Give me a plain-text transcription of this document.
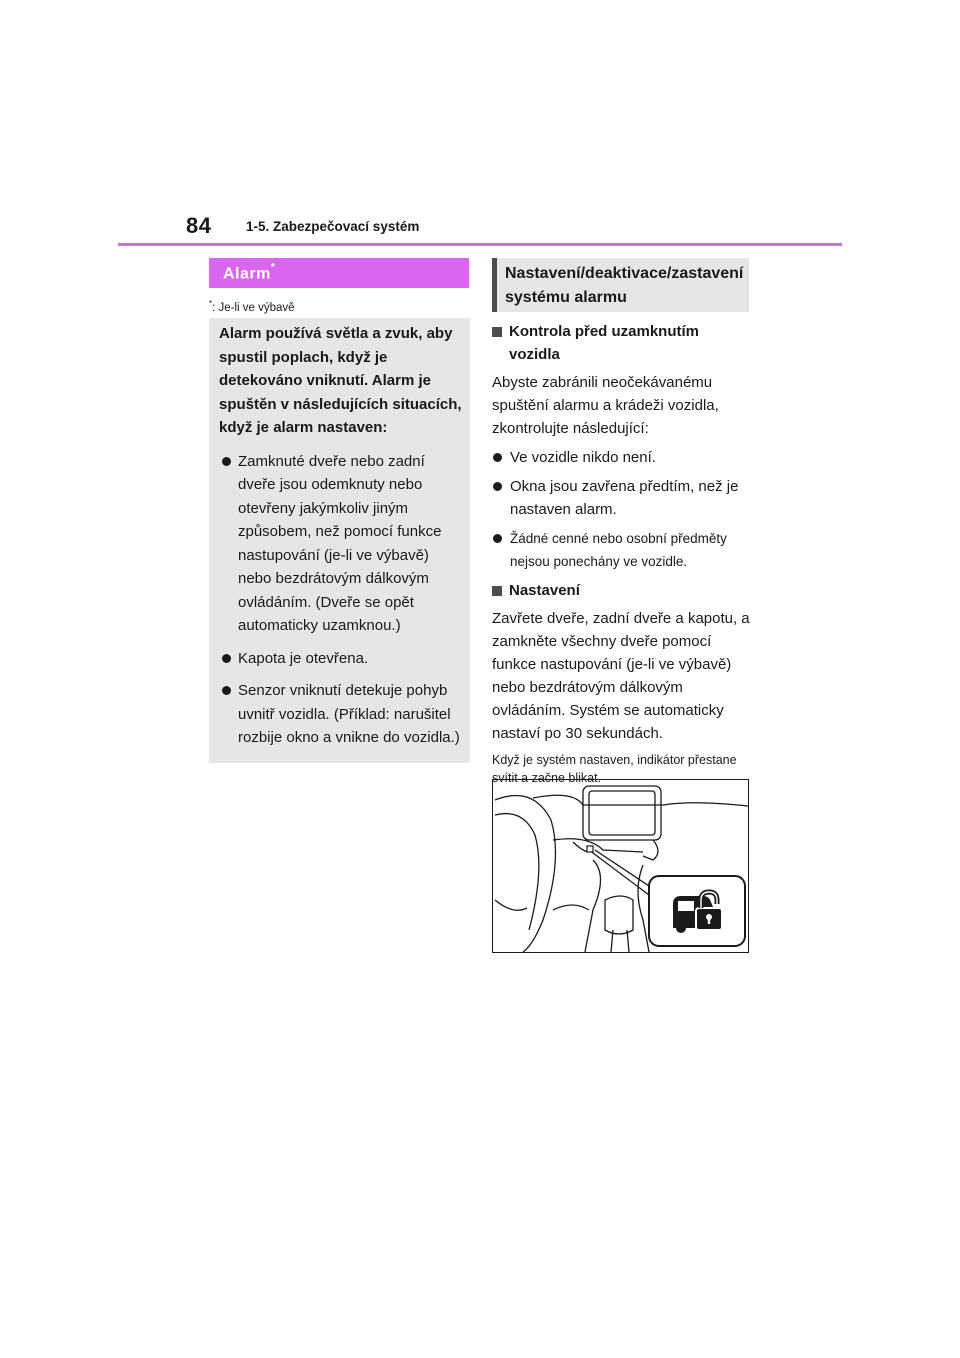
84	1-5. Zabezpečovací systém
Alarm*
*: Je-li ve výbavě

Alarm používá světla a zvuk, aby spustil poplach, když je detekováno vniknutí. Alarm je spuštěn v následujících situacích, když je alarm nastaven:

Zamknuté dveře nebo zadní dveře jsou odemknuty nebo otevřeny jakýmkoliv jiným způsobem, než pomocí funkce nastupování (je-li ve výbavě) nebo bezdrátovým dálkovým ovládáním. (Dveře se opět automaticky uzamknou.)
Kapota je otevřena.
Senzor vniknutí detekuje pohyb uvnitř vozidla. (Příklad: narušitel rozbije okno a vnikne do vozidla.)
Nastavení/deaktivace/zastavení systému alarmu

Kontrola před uzamknutím vozidla

Abyste zabránili neočekávanému spuštění alarmu a krádeži vozidla, zkontrolujte následující:

Ve vozidle nikdo není.
Okna jsou zavřena předtím, než je nastaven alarm.
Žádné cenné nebo osobní předměty nejsou ponechány ve vozidle.

Nastavení

Zavřete dveře, zadní dveře a kapotu, a zamkněte všechny dveře pomocí funkce nastupování (je-li ve výbavě) nebo bezdrátovým dálkovým ovládáním. Systém se automaticky nastaví po 30 sekundách.

Když je systém nastaven, indikátor přestane svítit a začne blikat.
